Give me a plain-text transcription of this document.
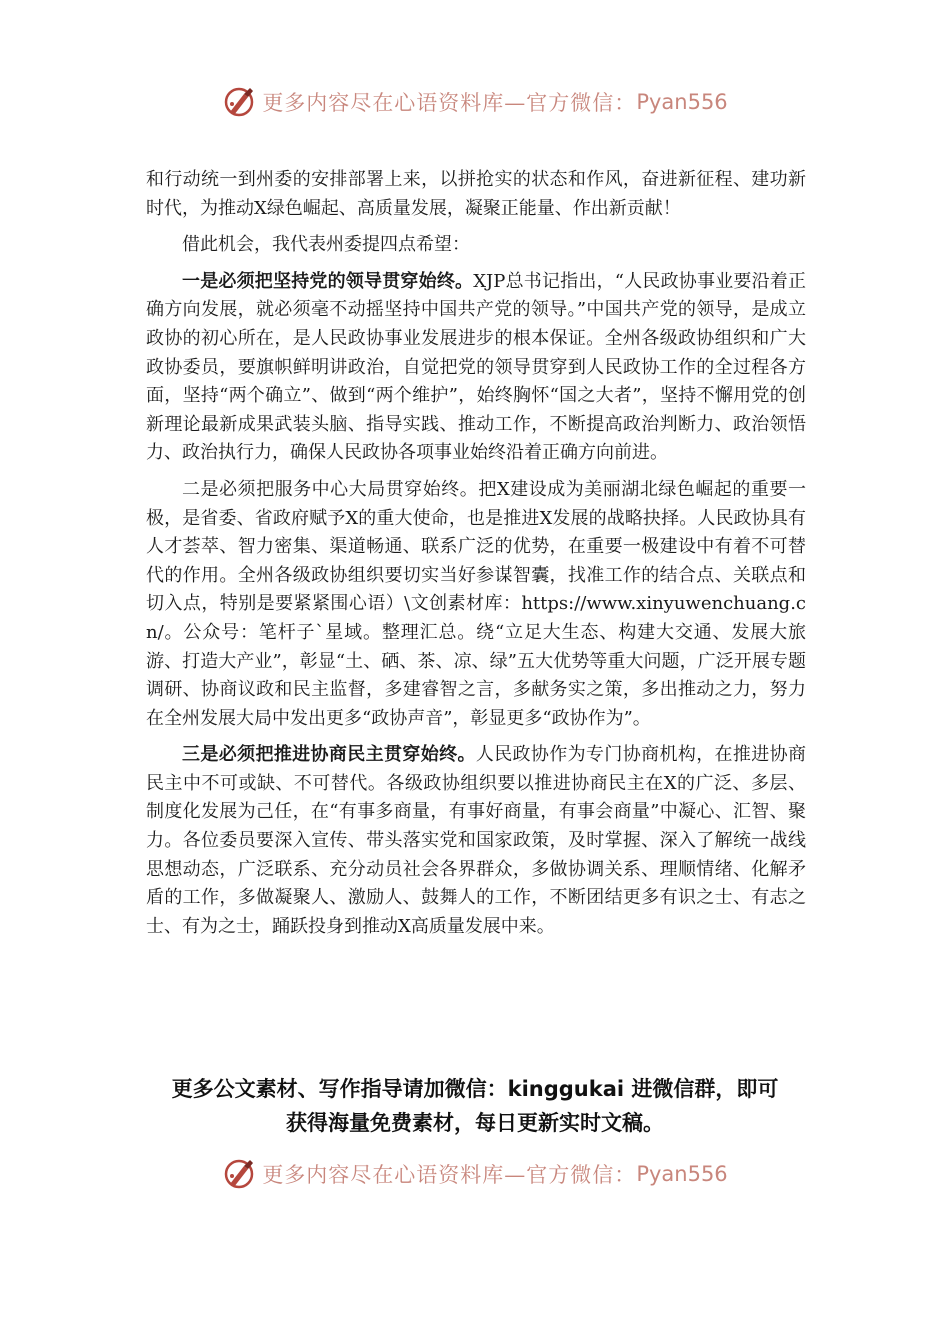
更多内容尽在心语资料库—官方微信： Pyan556

和行动统一到州委的安排部署上来，以拼抢实的状态和作风，奋进新征程、建功新时代，为推动X绿色崛起、高质量发展，凝聚正能量、作出新贡献！

借此机会，我代表州委提四点希望：

一是必须把坚持党的领导贯穿始终。XJP总书记指出，“人民政协事业要沿着正确方向发展，就必须毫不动摇坚持中国共产党的领导。”中国共产党的领导，是成立政协的初心所在，是人民政协事业发展进步的根本保证。全州各级政协组织和广大政协委员，要旗帜鲜明讲政治，自觉把党的领导贯穿到人民政协工作的全过程各方面，坚持“两个确立”、做到“两个维护”，始终胸怀“国之大者”，坚持不懈用党的创新理论最新成果武装头脑、指导实践、推动工作，不断提高政治判断力、政治领悟力、政治执行力，确保人民政协各项事业始终沿着正确方向前进。

二是必须把服务中心大局贯穿始终。把X建设成为美丽湖北绿色崛起的重要一极，是省委、省政府赋予X的重大使命，也是推进X发展的战略抉择。人民政协具有人才荟萃、智力密集、渠道畅通、联系广泛的优势，在重要一极建设中有着不可替代的作用。全州各级政协组织要切实当好参谋智囊，找准工作的结合点、关联点和切入点，特别是要紧紧围心语）\文创素材库：https://www.xinyuwenchuang.cn/。公众号：笔杆子`星域。整理汇总。绕“立足大生态、构建大交通、发展大旅游、打造大产业”，彰显“土、硒、茶、凉、绿”五大优势等重大问题，广泛开展专题调研、协商议政和民主监督，多建睿智之言，多献务实之策，多出推动之力，努力在全州发展大局中发出更多“政协声音”，彰显更多“政协作为”。

三是必须把推进协商民主贯穿始终。人民政协作为专门协商机构，在推进协商民主中不可或缺、不可替代。各级政协组织要以推进协商民主在X的广泛、多层、制度化发展为己任，在“有事多商量，有事好商量，有事会商量”中凝心、汇智、聚力。各位委员要深入宣传、带头落实党和国家政策，及时掌握、深入了解统一战线思想动态，广泛联系、充分动员社会各界群众，多做协调关系、理顺情绪、化解矛盾的工作，多做凝聚人、激励人、鼓舞人的工作，不断团结更多有识之士、有志之士、有为之士，踊跃投身到推动X高质量发展中来。

更多公文素材、写作指导请加微信：kinggukai 进微信群，即可
获得海量免费素材，每日更新实时文稿。
更多内容尽在心语资料库—官方微信： Pyan556
